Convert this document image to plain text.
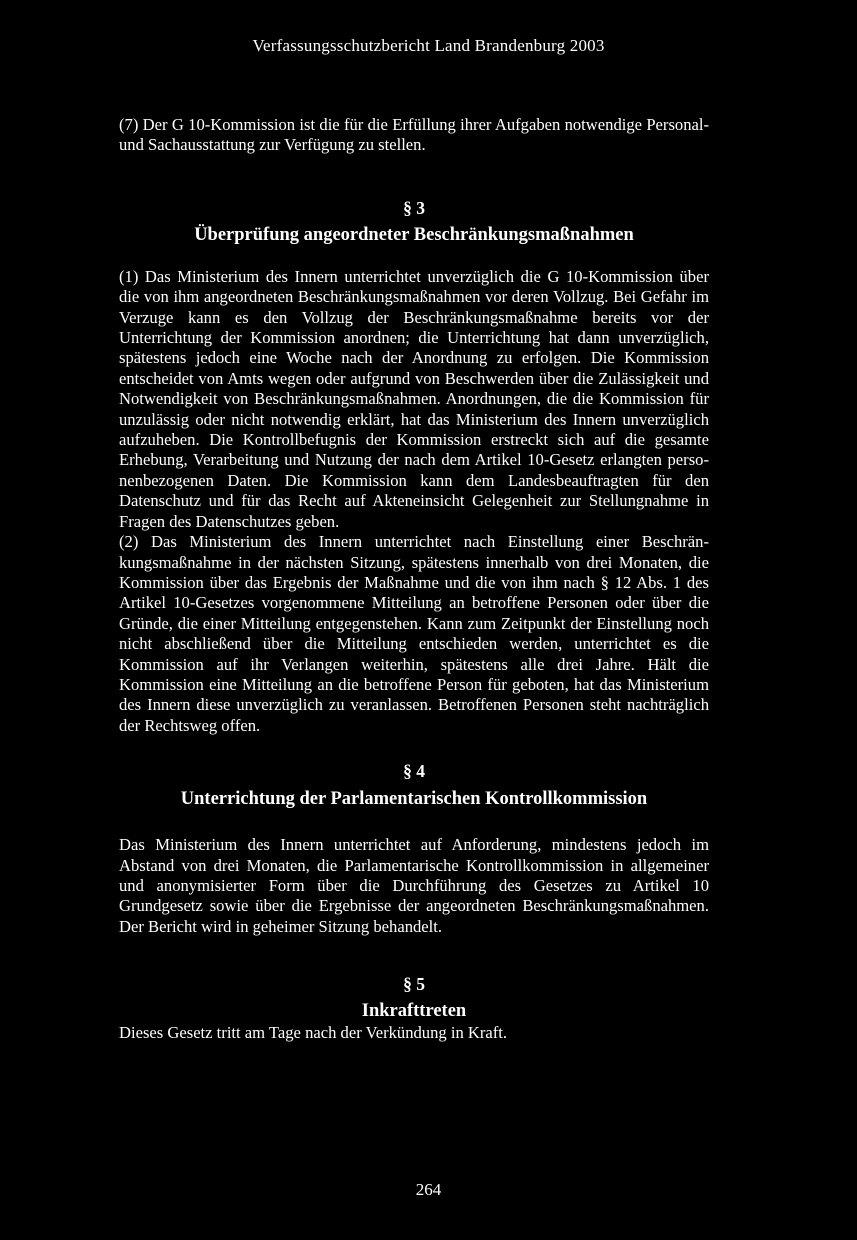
Verfassungsschutzbericht Land Brandenburg 2003

(7) Der G 10-Kommission ist die für die Erfüllung ihrer Aufgaben notwendige Personal- und Sachausstattung zur Verfügung zu stellen.

§ 3

Überprüfung angeordneter Beschränkungsmaßnahmen

(1) Das Ministerium des Innern unterrichtet unverzüglich die G 10-Kommission über die von ihm angeordneten Beschränkungsmaßnahmen vor deren Vollzug. Bei Gefahr im Verzuge kann es den Vollzug der Beschränkungsmaßnahme bereits vor der Unterrichtung der Kommission anordnen; die Unterrichtung hat dann unverzüglich, spätestens jedoch eine Woche nach der Anordnung zu erfolgen. Die Kommission entscheidet von Amts wegen oder aufgrund von Beschwerden über die Zulässigkeit und Notwendigkeit von Beschränkungsmaßnahmen. Anordnungen, die die Kommission für unzulässig oder nicht notwendig erklärt, hat das Ministerium des Innern unverzüglich aufzuheben. Die Kontrollbefugnis der Kommission erstreckt sich auf die gesamte Erhebung, Verarbeitung und Nutzung der nach dem Artikel 10-Gesetz erlangten personenbezogenen Daten. Die Kommission kann dem Landesbeauftragten für den Datenschutz und für das Recht auf Akteneinsicht Gelegenheit zur Stellungnahme in Fragen des Datenschutzes geben.

(2) Das Ministerium des Innern unterrichtet nach Einstellung einer Beschränkungsmaßnahme in der nächsten Sitzung, spätestens innerhalb von drei Monaten, die Kommission über das Ergebnis der Maßnahme und die von ihm nach § 12 Abs. 1 des Artikel 10-Gesetzes vorgenommene Mitteilung an betroffene Personen oder über die Gründe, die einer Mitteilung entgegenstehen. Kann zum Zeitpunkt der Einstellung noch nicht abschließend über die Mitteilung entschieden werden, unterrichtet es die Kommission auf ihr Verlangen weiterhin, spätestens alle drei Jahre. Hält die Kommission eine Mitteilung an die betroffene Person für geboten, hat das Ministerium des Innern diese unverzüglich zu veranlassen. Betroffenen Personen steht nachträglich der Rechtsweg offen.

§ 4

Unterrichtung der Parlamentarischen Kontrollkommission

Das Ministerium des Innern unterrichtet auf Anforderung, mindestens jedoch im Abstand von drei Monaten, die Parlamentarische Kontrollkommission in allgemeiner und anonymisierter Form über die Durchführung des Gesetzes zu Artikel 10 Grundgesetz sowie über die Ergebnisse der angeordneten Beschränkungsmaßnahmen. Der Bericht wird in geheimer Sitzung behandelt.

§ 5

Inkrafttreten

Dieses Gesetz tritt am Tage nach der Verkündung in Kraft.

264
